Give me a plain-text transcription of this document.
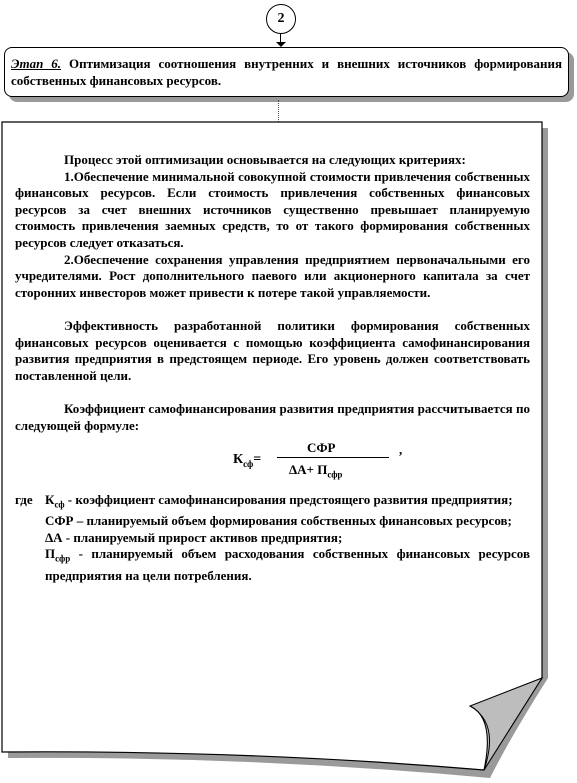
2
Этап 6. Оптимизация соотношения внутренних и внешних источников формирования собственных финансовых ресурсов.

Процесс этой оптимизации основывается на следующих критериях:

1.Обеспечение минимальной совокупной стоимости привлечения собственных финансовых ресурсов. Если стоимость привлечения собственных финансовых ресурсов за счет внешних источников существенно превышает планируемую стоимость привлечения заемных средств, то от такого формирования собственных ресурсов следует отказаться.

2.Обеспечение сохранения управления предприятием первоначальными его учредителями. Рост дополнительного паевого или акционерного капитала за счет сторонних инвесторов может привести к потере такой управляемости.

Эффективность разработанной политики формирования собственных финансовых ресурсов оценивается с помощью коэффициента самофинансирования развития предприятия в предстоящем периоде. Его уровень должен соответствовать поставленной цели.

Коэффициент самофинансирования развития предприятия рассчитывается по следующей формуле:

$К_{сф}=$
СФР
$\Delta А+ П_{сфр}$
,
где $К_{сф}$ - коэффициент самофинансирования предстоящего развития предприятия;

СФР – планируемый объем формирования собственных финансовых ресурсов;

ΔА - планируемый прирост активов предприятия;

$П_{сфр}$ - планируемый объем расходования собственных финансовых ресурсов предприятия на цели потребления.
